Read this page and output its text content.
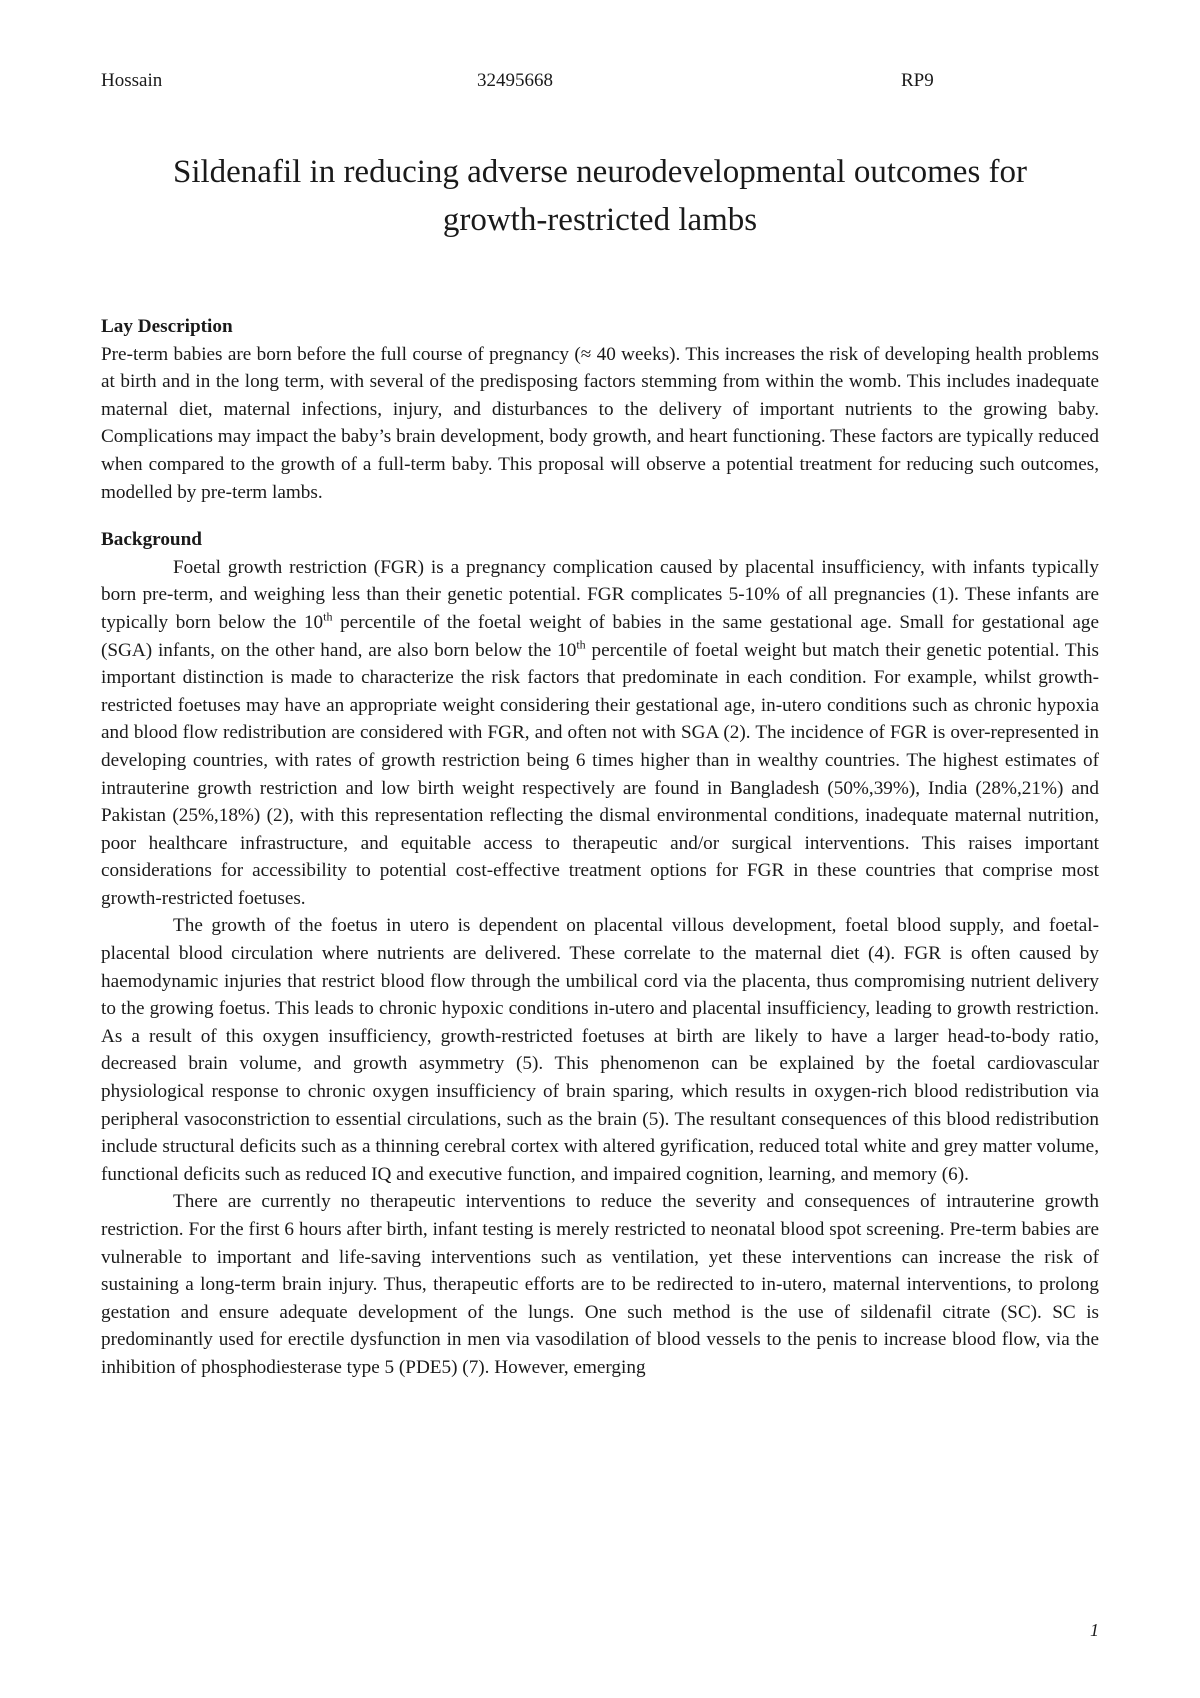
Hossain	32495668	RP9
Sildenafil in reducing adverse neurodevelopmental outcomes for
growth-restricted lambs

Lay Description

Pre-term babies are born before the full course of pregnancy (≈ 40 weeks). This increases the risk of developing health problems at birth and in the long term, with several of the predisposing factors stemming from within the womb. This includes inadequate maternal diet, maternal infections, injury, and disturbances to the delivery of important nutrients to the growing baby. Complications may impact the baby’s brain development, body growth, and heart functioning. These factors are typically reduced when compared to the growth of a full-term baby. This proposal will observe a potential treatment for reducing such outcomes, modelled by pre-term lambs.

Background

Foetal growth restriction (FGR) is a pregnancy complication caused by placental insufficiency, with infants typically born pre-term, and weighing less than their genetic potential. FGR complicates 5-10% of all pregnancies (1). These infants are typically born below the 10th percentile of the foetal weight of babies in the same gestational age. Small for gestational age (SGA) infants, on the other hand, are also born below the 10th percentile of foetal weight but match their genetic potential. This important distinction is made to characterize the risk factors that predominate in each condition. For example, whilst growth-restricted foetuses may have an appropriate weight considering their gestational age, in-utero conditions such as chronic hypoxia and blood flow redistribution are considered with FGR, and often not with SGA (2). The incidence of FGR is over-represented in developing countries, with rates of growth restriction being 6 times higher than in wealthy countries. The highest estimates of intrauterine growth restriction and low birth weight respectively are found in Bangladesh (50%,39%), India (28%,21%) and Pakistan (25%,18%) (2), with this representation reflecting the dismal environmental conditions, inadequate maternal nutrition, poor healthcare infrastructure, and equitable access to therapeutic and/or surgical interventions. This raises important considerations for accessibility to potential cost-effective treatment options for FGR in these countries that comprise most growth-restricted foetuses.

The growth of the foetus in utero is dependent on placental villous development, foetal blood supply, and foetal-placental blood circulation where nutrients are delivered. These correlate to the maternal diet (4). FGR is often caused by haemodynamic injuries that restrict blood flow through the umbilical cord via the placenta, thus compromising nutrient delivery to the growing foetus. This leads to chronic hypoxic conditions in-utero and placental insufficiency, leading to growth restriction. As a result of this oxygen insufficiency, growth-restricted foetuses at birth are likely to have a larger head-to-body ratio, decreased brain volume, and growth asymmetry (5). This phenomenon can be explained by the foetal cardiovascular physiological response to chronic oxygen insufficiency of brain sparing, which results in oxygen-rich blood redistribution via peripheral vasoconstriction to essential circulations, such as the brain (5). The resultant consequences of this blood redistribution include structural deficits such as a thinning cerebral cortex with altered gyrification, reduced total white and grey matter volume, functional deficits such as reduced IQ and executive function, and impaired cognition, learning, and memory (6).

There are currently no therapeutic interventions to reduce the severity and consequences of intrauterine growth restriction. For the first 6 hours after birth, infant testing is merely restricted to neonatal blood spot screening. Pre-term babies are vulnerable to important and life-saving interventions such as ventilation, yet these interventions can increase the risk of sustaining a long-term brain injury. Thus, therapeutic efforts are to be redirected to in-utero, maternal interventions, to prolong gestation and ensure adequate development of the lungs. One such method is the use of sildenafil citrate (SC). SC is predominantly used for erectile dysfunction in men via vasodilation of blood vessels to the penis to increase blood flow, via the inhibition of phosphodiesterase type 5 (PDE5) (7). However, emerging

1
